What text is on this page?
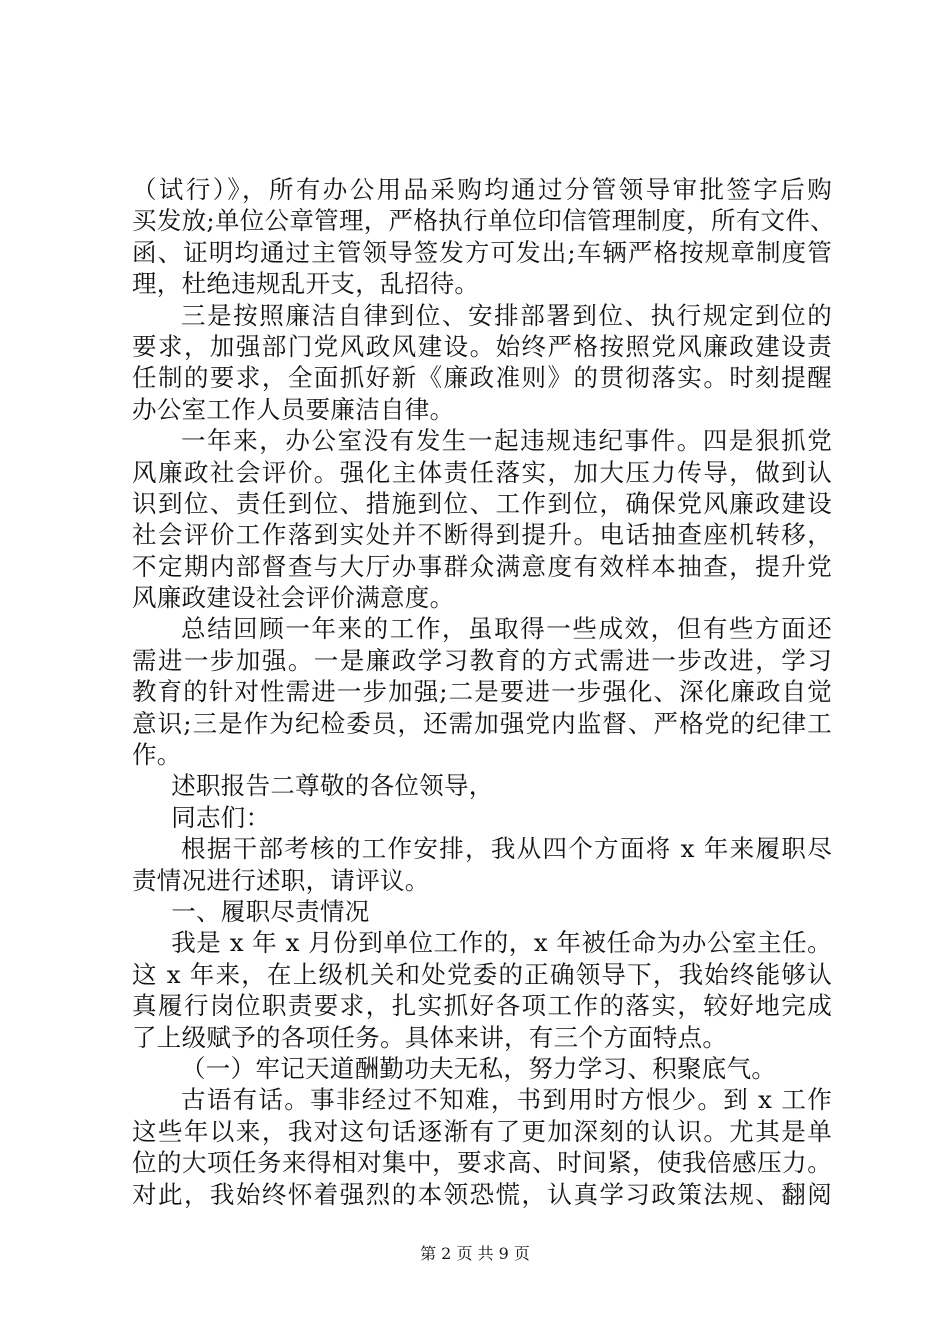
（试行）》，所有办公用品采购均通过分管领导审批签字后购
买发放;单位公章管理，严格执行单位印信管理制度，所有文件、
函、证明均通过主管领导签发方可发出;车辆严格按规章制度管
理，杜绝违规乱开支，乱招待。
三是按照廉洁自律到位、安排部署到位、执行规定到位的
要求，加强部门党风政风建设。始终严格按照党风廉政建设责
任制的要求，全面抓好新《廉政准则》的贯彻落实。时刻提醒
办公室工作人员要廉洁自律。
一年来，办公室没有发生一起违规违纪事件。四是狠抓党
风廉政社会评价。强化主体责任落实，加大压力传导，做到认
识到位、责任到位、措施到位、工作到位，确保党风廉政建设
社会评价工作落到实处并不断得到提升。电话抽查座机转移，
不定期内部督查与大厅办事群众满意度有效样本抽查，提升党
风廉政建设社会评价满意度。
总结回顾一年来的工作，虽取得一些成效，但有些方面还
需进一步加强。一是廉政学习教育的方式需进一步改进，学习
教育的针对性需进一步加强;二是要进一步强化、深化廉政自觉
意识;三是作为纪检委员，还需加强党内监督、严格党的纪律工
作。
述职报告二尊敬的各位领导，
同志们：
根据干部考核的工作安排，我从四个方面将 x 年来履职尽
责情况进行述职，请评议。
一、履职尽责情况
我是 x 年 x 月份到单位工作的，x 年被任命为办公室主任。
这 x 年来，在上级机关和处党委的正确领导下，我始终能够认
真履行岗位职责要求，扎实抓好各项工作的落实，较好地完成
了上级赋予的各项任务。具体来讲，有三个方面特点。
（一）牢记天道酬勤功夫无私，努力学习、积聚底气。
古语有话。事非经过不知难，书到用时方恨少。到 x 工作
这些年以来，我对这句话逐渐有了更加深刻的认识。尤其是单
位的大项任务来得相对集中，要求高、时间紧，使我倍感压力。
对此，我始终怀着强烈的本领恐慌，认真学习政策法规、翻阅
第 2 页 共 9 页
